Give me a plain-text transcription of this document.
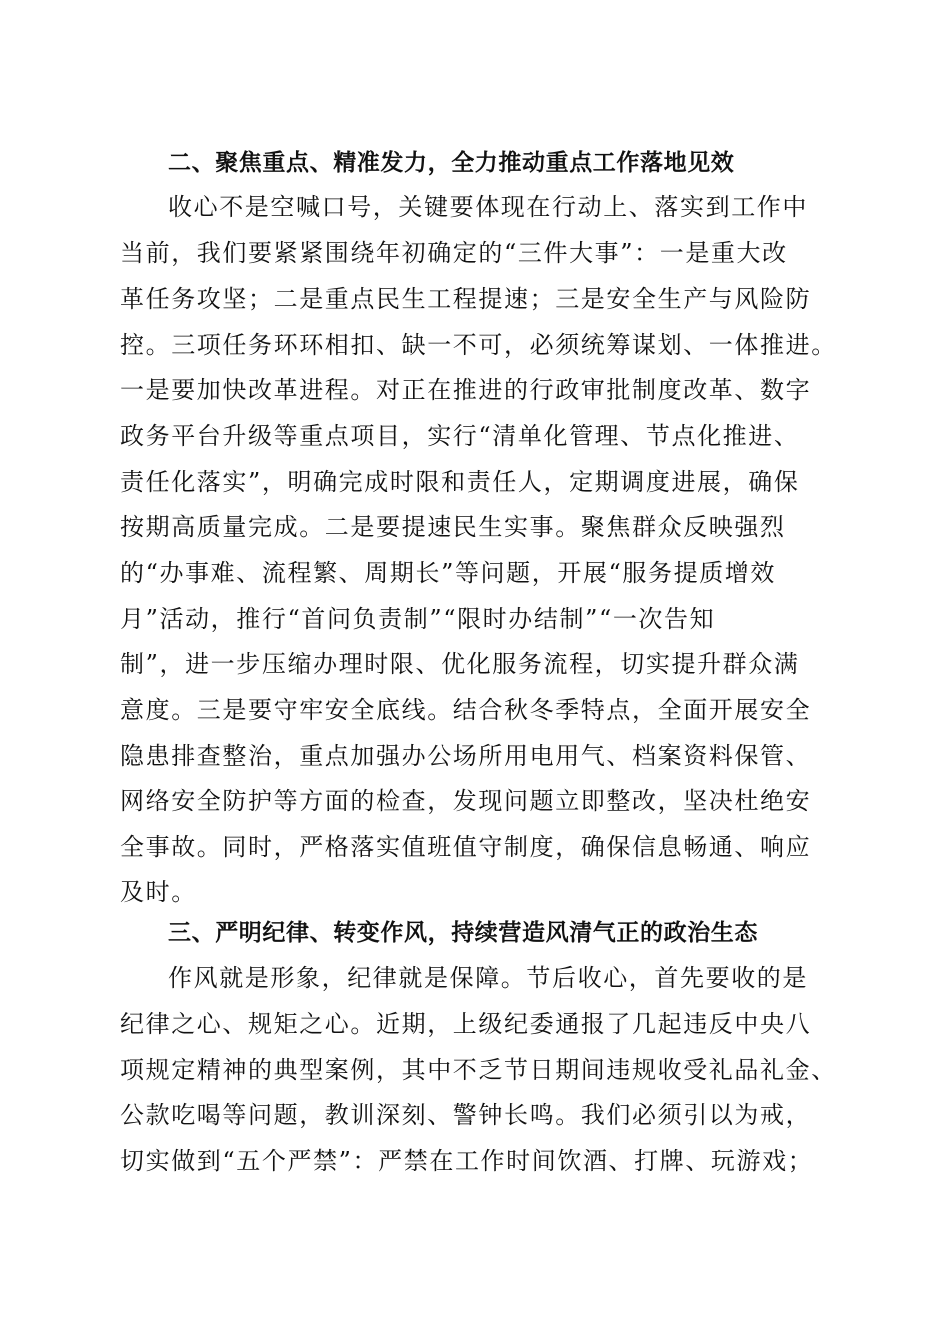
二、聚焦重点、精准发力，全力推动重点工作落地见效
收心不是空喊口号，关键要体现在行动上、落实到工作中
当前，我们要紧紧围绕年初确定的“三件大事”：一是重大改
革任务攻坚；二是重点民生工程提速；三是安全生产与风险防
控。三项任务环环相扣、缺一不可，必须统筹谋划、一体推进。
一是要加快改革进程。对正在推进的行政审批制度改革、数字
政务平台升级等重点项目，实行“清单化管理、节点化推进、
责任化落实”，明确完成时限和责任人，定期调度进展，确保
按期高质量完成。二是要提速民生实事。聚焦群众反映强烈
的“办事难、流程繁、周期长”等问题，开展“服务提质增效
月”活动，推行“首问负责制”“限时办结制”“一次告知
制”，进一步压缩办理时限、优化服务流程，切实提升群众满
意度。三是要守牢安全底线。结合秋冬季特点，全面开展安全
隐患排查整治，重点加强办公场所用电用气、档案资料保管、
网络安全防护等方面的检查，发现问题立即整改，坚决杜绝安
全事故。同时，严格落实值班值守制度，确保信息畅通、响应
及时。
三、严明纪律、转变作风，持续营造风清气正的政治生态
作风就是形象，纪律就是保障。节后收心，首先要收的是
纪律之心、规矩之心。近期，上级纪委通报了几起违反中央八
项规定精神的典型案例，其中不乏节日期间违规收受礼品礼金、
公款吃喝等问题，教训深刻、警钟长鸣。我们必须引以为戒，
切实做到“五个严禁”：严禁在工作时间饮酒、打牌、玩游戏；
